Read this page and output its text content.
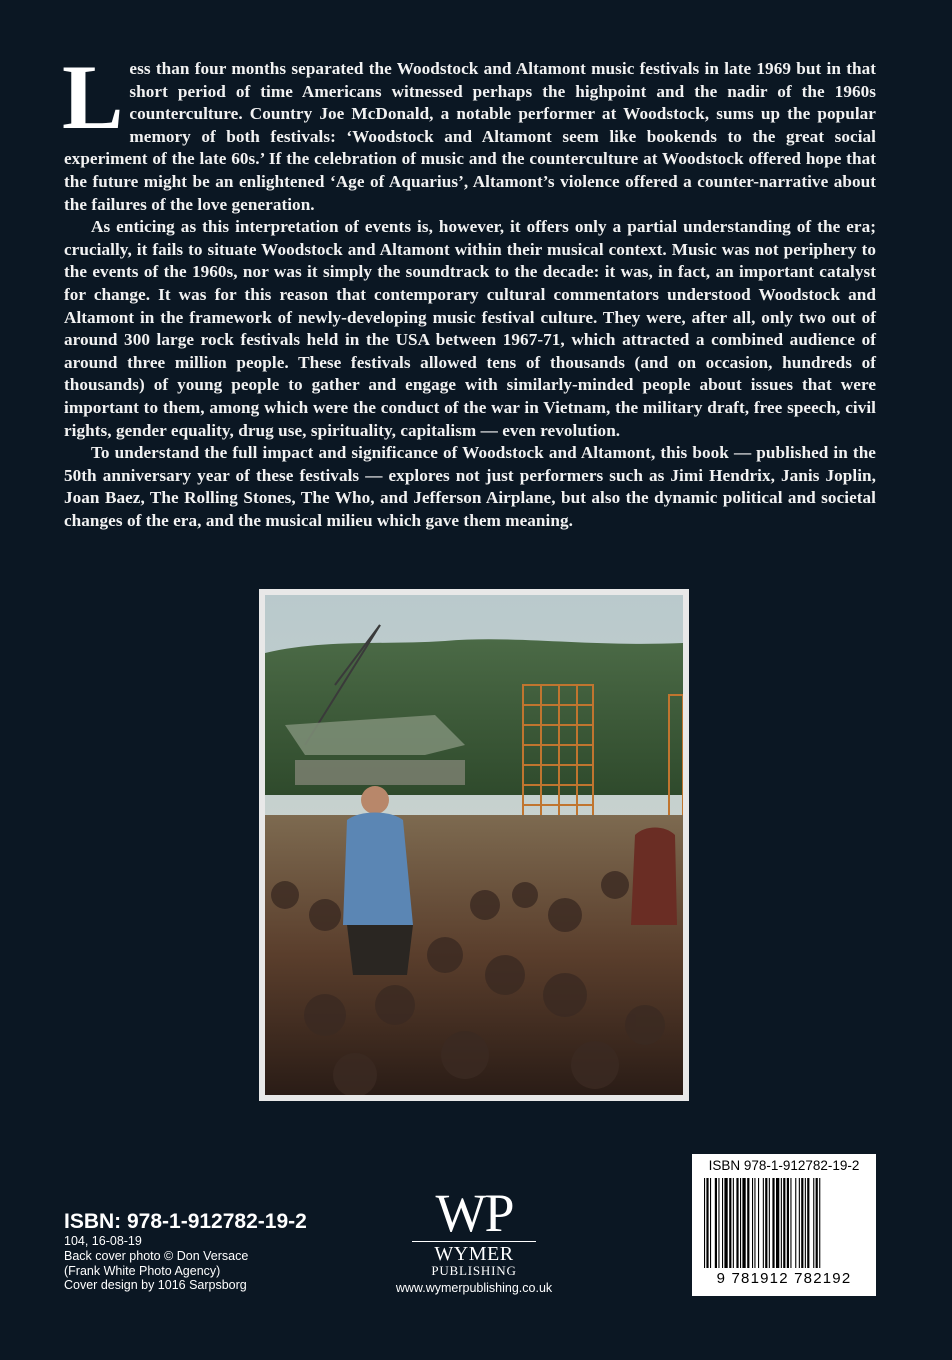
Less than four months separated the Woodstock and Altamont music festivals in late 1969 but in that short period of time Americans witnessed perhaps the highpoint and the nadir of the 1960s counterculture. Country Joe McDonald, a notable performer at Woodstock, sums up the popular memory of both festivals: ‘Woodstock and Altamont seem like bookends to the great social experiment of the late 60s.’ If the celebration of music and the counterculture at Woodstock offered hope that the future might be an enlightened ‘Age of Aquarius’, Altamont’s violence offered a counter-narrative about the failures of the love generation.

As enticing as this interpretation of events is, however, it offers only a partial understanding of the era; crucially, it fails to situate Woodstock and Altamont within their musical context. Music was not periphery to the events of the 1960s, nor was it simply the soundtrack to the decade: it was, in fact, an important catalyst for change. It was for this reason that contemporary cultural commentators understood Woodstock and Altamont in the framework of newly-developing music festival culture. They were, after all, only two out of around 300 large rock festivals held in the USA between 1967-71, which attracted a combined audience of around three million people. These festivals allowed tens of thousands (and on occasion, hundreds of thousands) of young people to gather and engage with similarly-minded people about issues that were important to them, among which were the conduct of the war in Vietnam, the military draft, free speech, civil rights, gender equality, drug use, spirituality, capitalism — even revolution.

To understand the full impact and significance of Woodstock and Altamont, this book — published in the 50th anniversary year of these festivals — explores not just performers such as Jimi Hendrix, Janis Joplin, Joan Baez, The Rolling Stones, The Who, and Jefferson Airplane, but also the dynamic political and societal changes of the era, and the musical milieu which gave them meaning.

ISBN: 978-1-912782-19-2
104, 16-08-19
Back cover photo © Don Versace
(Frank White Photo Agency)
Cover design by 1016 Sarpsborg
WP
WYMER
PUBLISHING
www.wymerpublishing.co.uk
ISBN 978-1-912782-19-2
9 781912 782192
